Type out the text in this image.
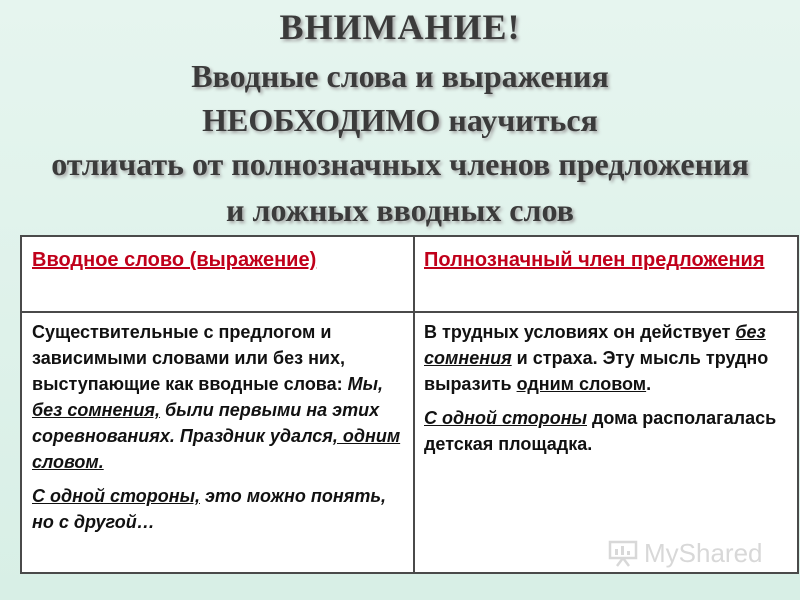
ВНИМАНИЕ!
Вводные слова и выражения
НЕОБХОДИМО научиться
отличать от полнозначных членов предложения
и ложных вводных слов
Вводное слово (выражение)	Полнозначный член предложения
Существительные с предлогом и зависимыми словами или без них, выступающие как вводные слова: Мы, без сомнения, были первыми на этих соревнованиях. Праздник удался, одним словом.
С одной стороны, это можно понять, но с другой…
В трудных условиях он действует без сомнения и страха. Эту мысль трудно выразить одним словом.
С одной стороны дома располагалась детская площадка.
MyShared
